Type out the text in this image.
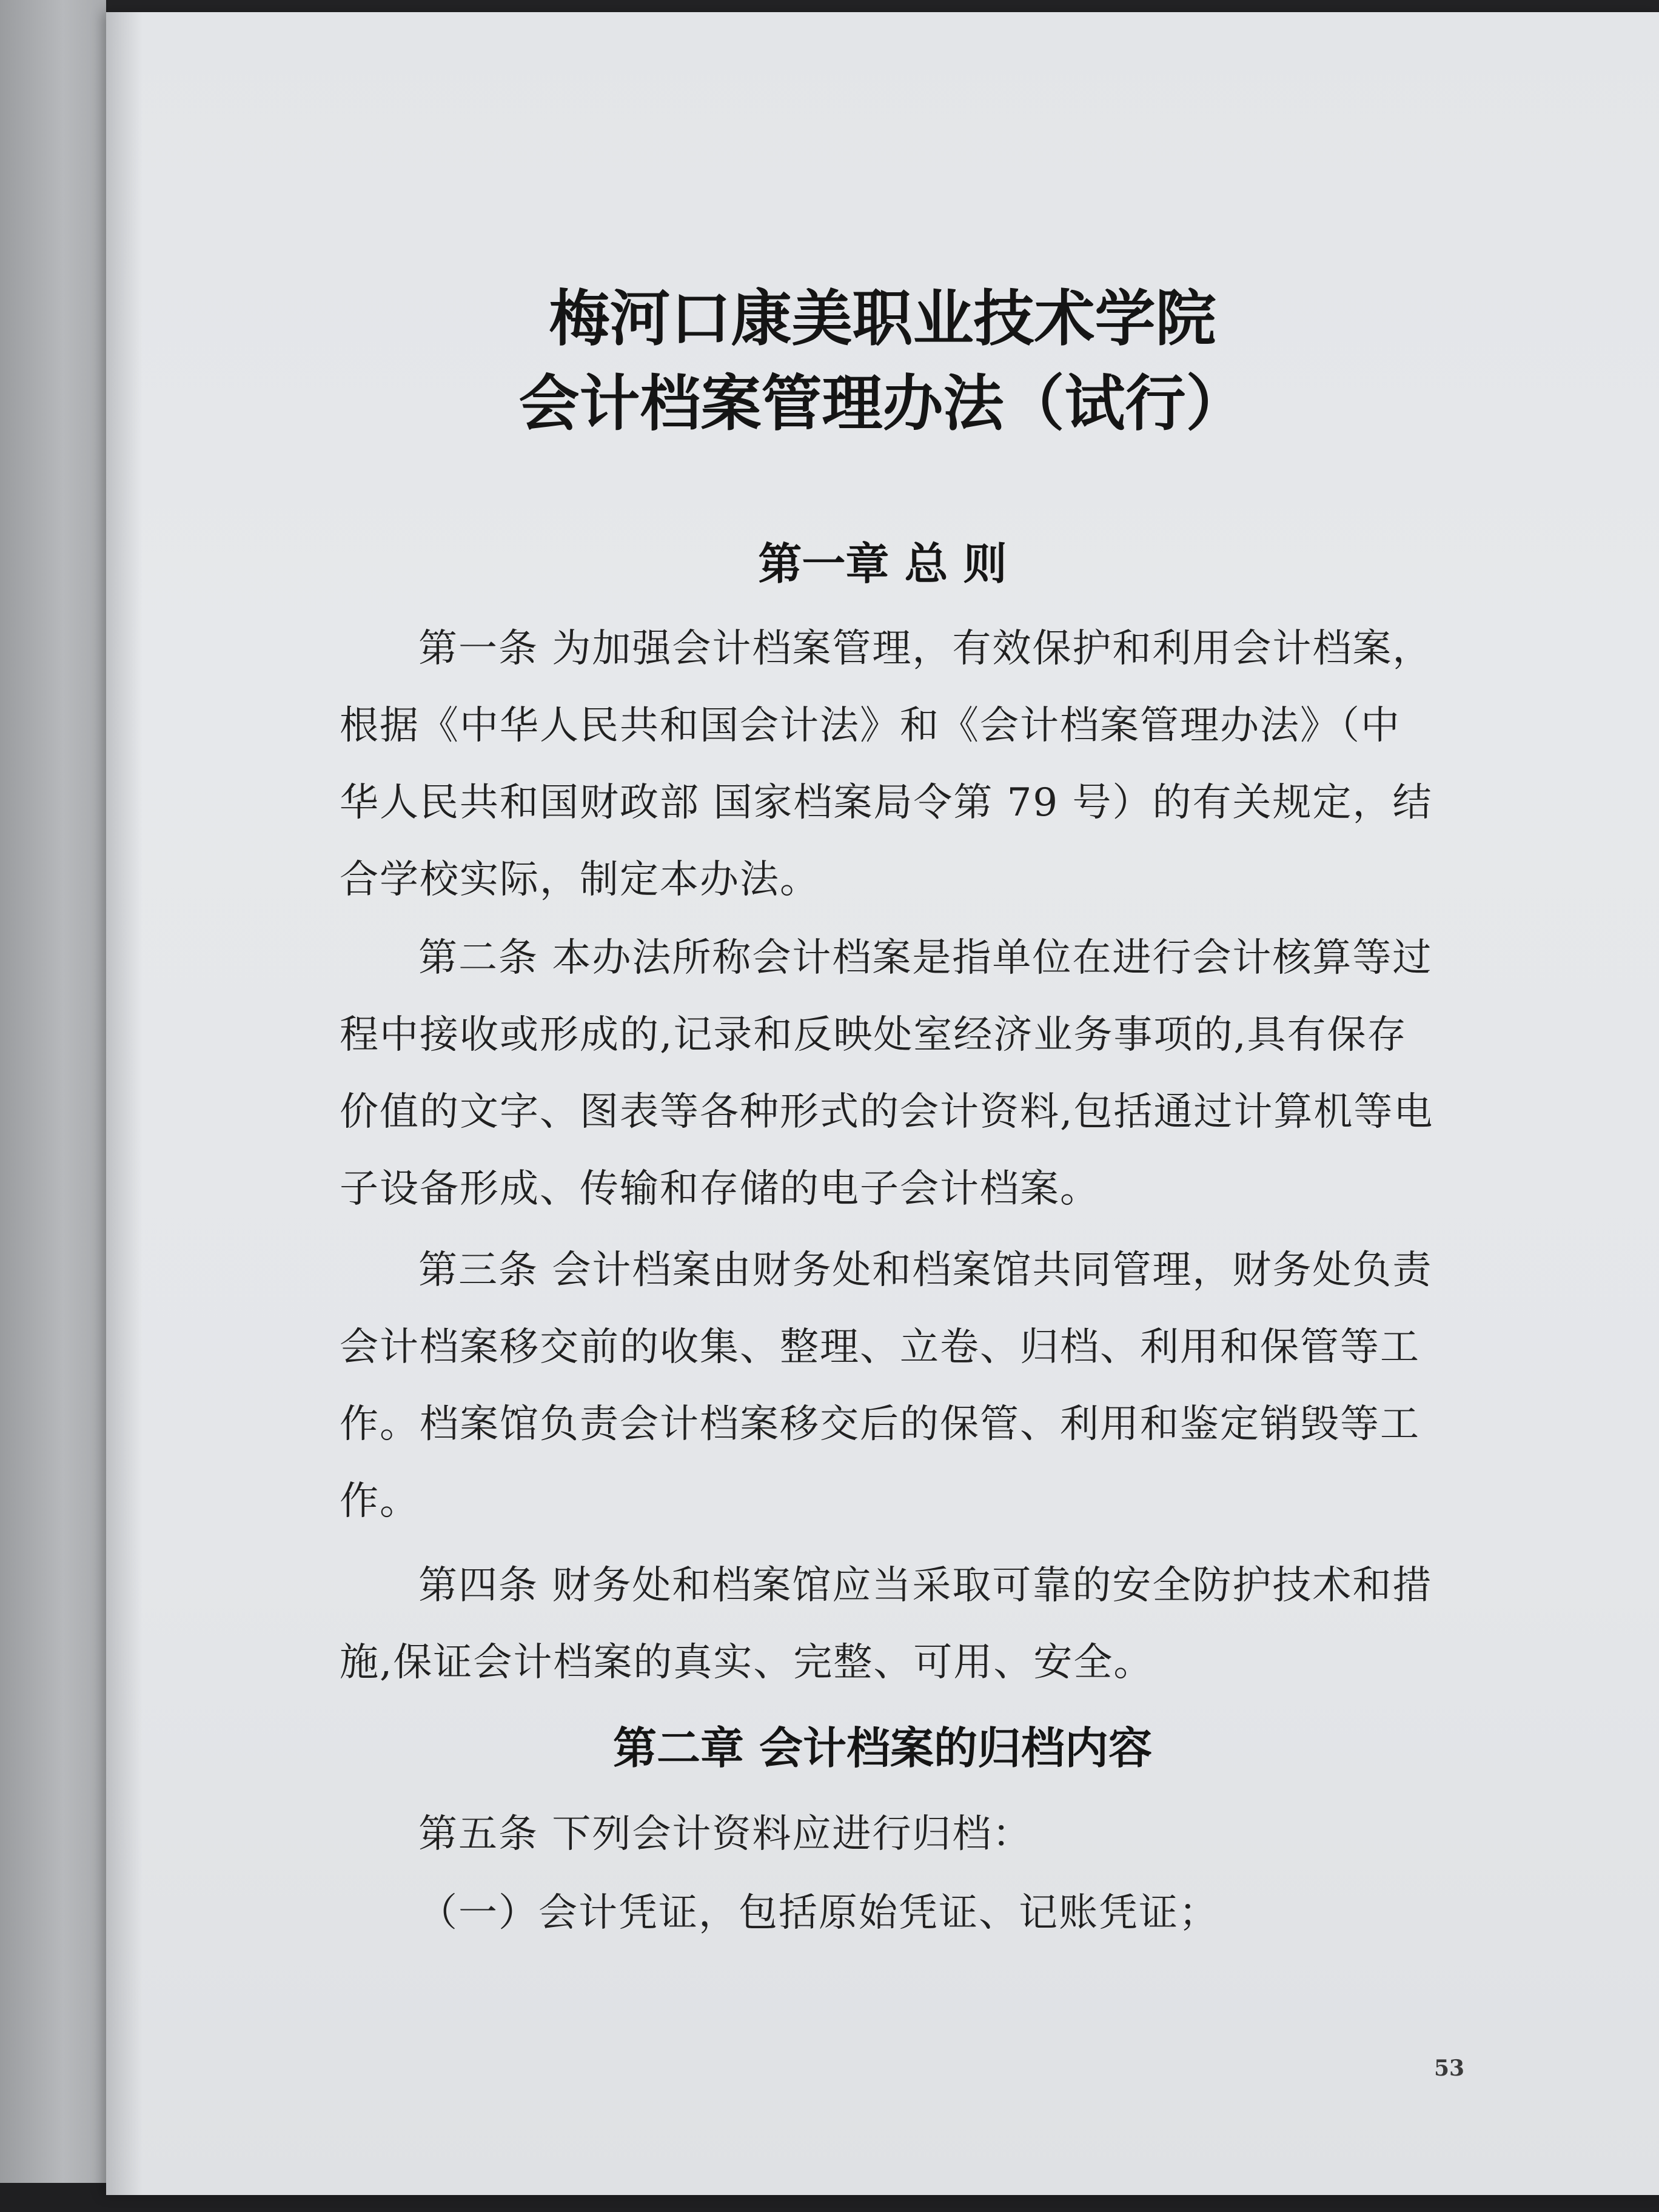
梅河口康美职业技术学院
会计档案管理办法（试行）
第一章 总 则
第一条 为加强会计档案管理，有效保护和利用会计档案，
根据《中华人民共和国会计法》和《会计档案管理办法》（中
华人民共和国财政部 国家档案局令第 79 号）的有关规定，结
合学校实际，制定本办法。
第二条 本办法所称会计档案是指单位在进行会计核算等过
程中接收或形成的,记录和反映处室经济业务事项的,具有保存
价值的文字、图表等各种形式的会计资料,包括通过计算机等电
子设备形成、传输和存储的电子会计档案。
第三条 会计档案由财务处和档案馆共同管理，财务处负责
会计档案移交前的收集、整理、立卷、归档、利用和保管等工
作。档案馆负责会计档案移交后的保管、利用和鉴定销毁等工
作。
第四条 财务处和档案馆应当采取可靠的安全防护技术和措
施,保证会计档案的真实、完整、可用、安全。
第二章 会计档案的归档内容
第五条 下列会计资料应进行归档：
（一）会计凭证，包括原始凭证、记账凭证；
53
